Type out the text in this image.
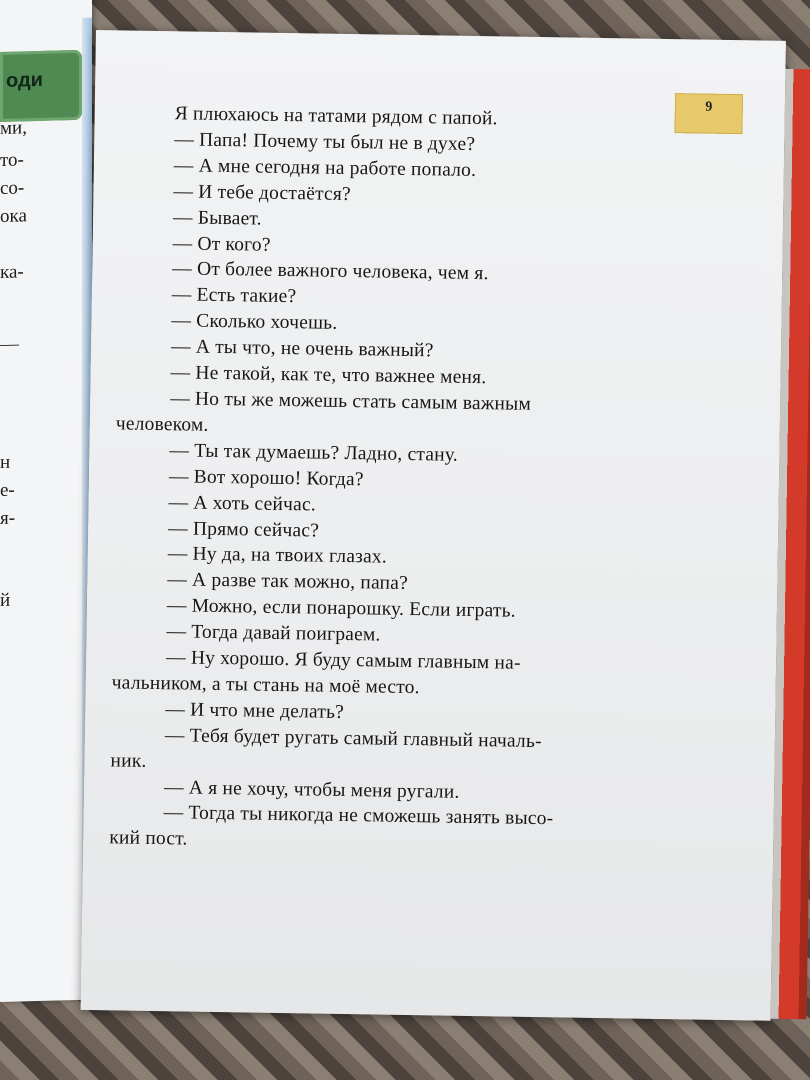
оди
ми,
то-
со-
ока
ка-
—
н
е-
я-
й
9
Я плюхаюсь на татами рядом с папой.
— Папа! Почему ты был не в духе?
— А мне сегодня на работе попало.
— И тебе достаётся?
— Бывает.
— От кого?
— От более важного человека, чем я.
— Есть такие?
— Сколько хочешь.
— А ты что, не очень важный?
— Не такой, как те, что важнее меня.
— Но ты же можешь стать самым важным
человеком.
— Ты так думаешь? Ладно, стану.
— Вот хорошо! Когда?
— А хоть сейчас.
— Прямо сейчас?
— Ну да, на твоих глазах.
— А разве так можно, папа?
— Можно, если понарошку. Если играть.
— Тогда давай поиграем.
— Ну хорошо. Я буду самым главным на-
чальником, а ты стань на моё место.
— И что мне делать?
— Тебя будет ругать самый главный началь-
ник.
— А я не хочу, чтобы меня ругали.
— Тогда ты никогда не сможешь занять высо-
кий пост.
